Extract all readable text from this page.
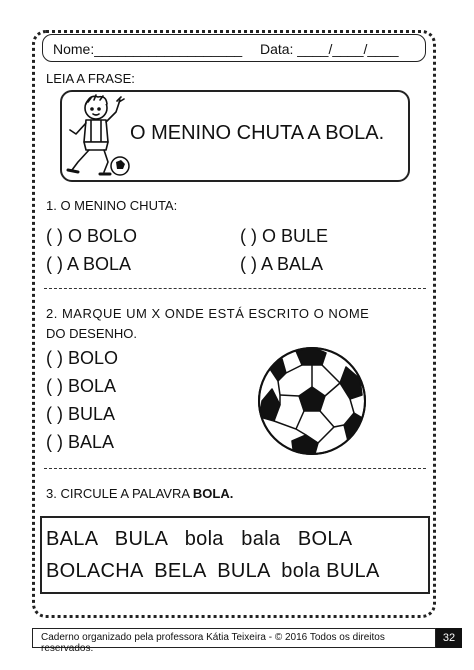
Nome:___________________ Data: ____/____/____
LEIA A FRASE:
O MENINO CHUTA A BOLA.
1. O MENINO CHUTA:
( ) O BOLO	( ) O BULE
( ) A BOLA	( ) A BALA
2. MARQUE UM X ONDE ESTÁ ESCRITO O NOME
DO DESENHO.
( ) BOLO
( ) BOLA
( ) BULA
( ) BALA
3. CIRCULE A PALAVRA BOLA.
BALA   BULA   bola   bala   BOLA
BOLACHA  BELA  BULA  bola BULA
Caderno organizado pela professora Kátia Teixeira - © 2016 Todos os direitos reservados.
32
